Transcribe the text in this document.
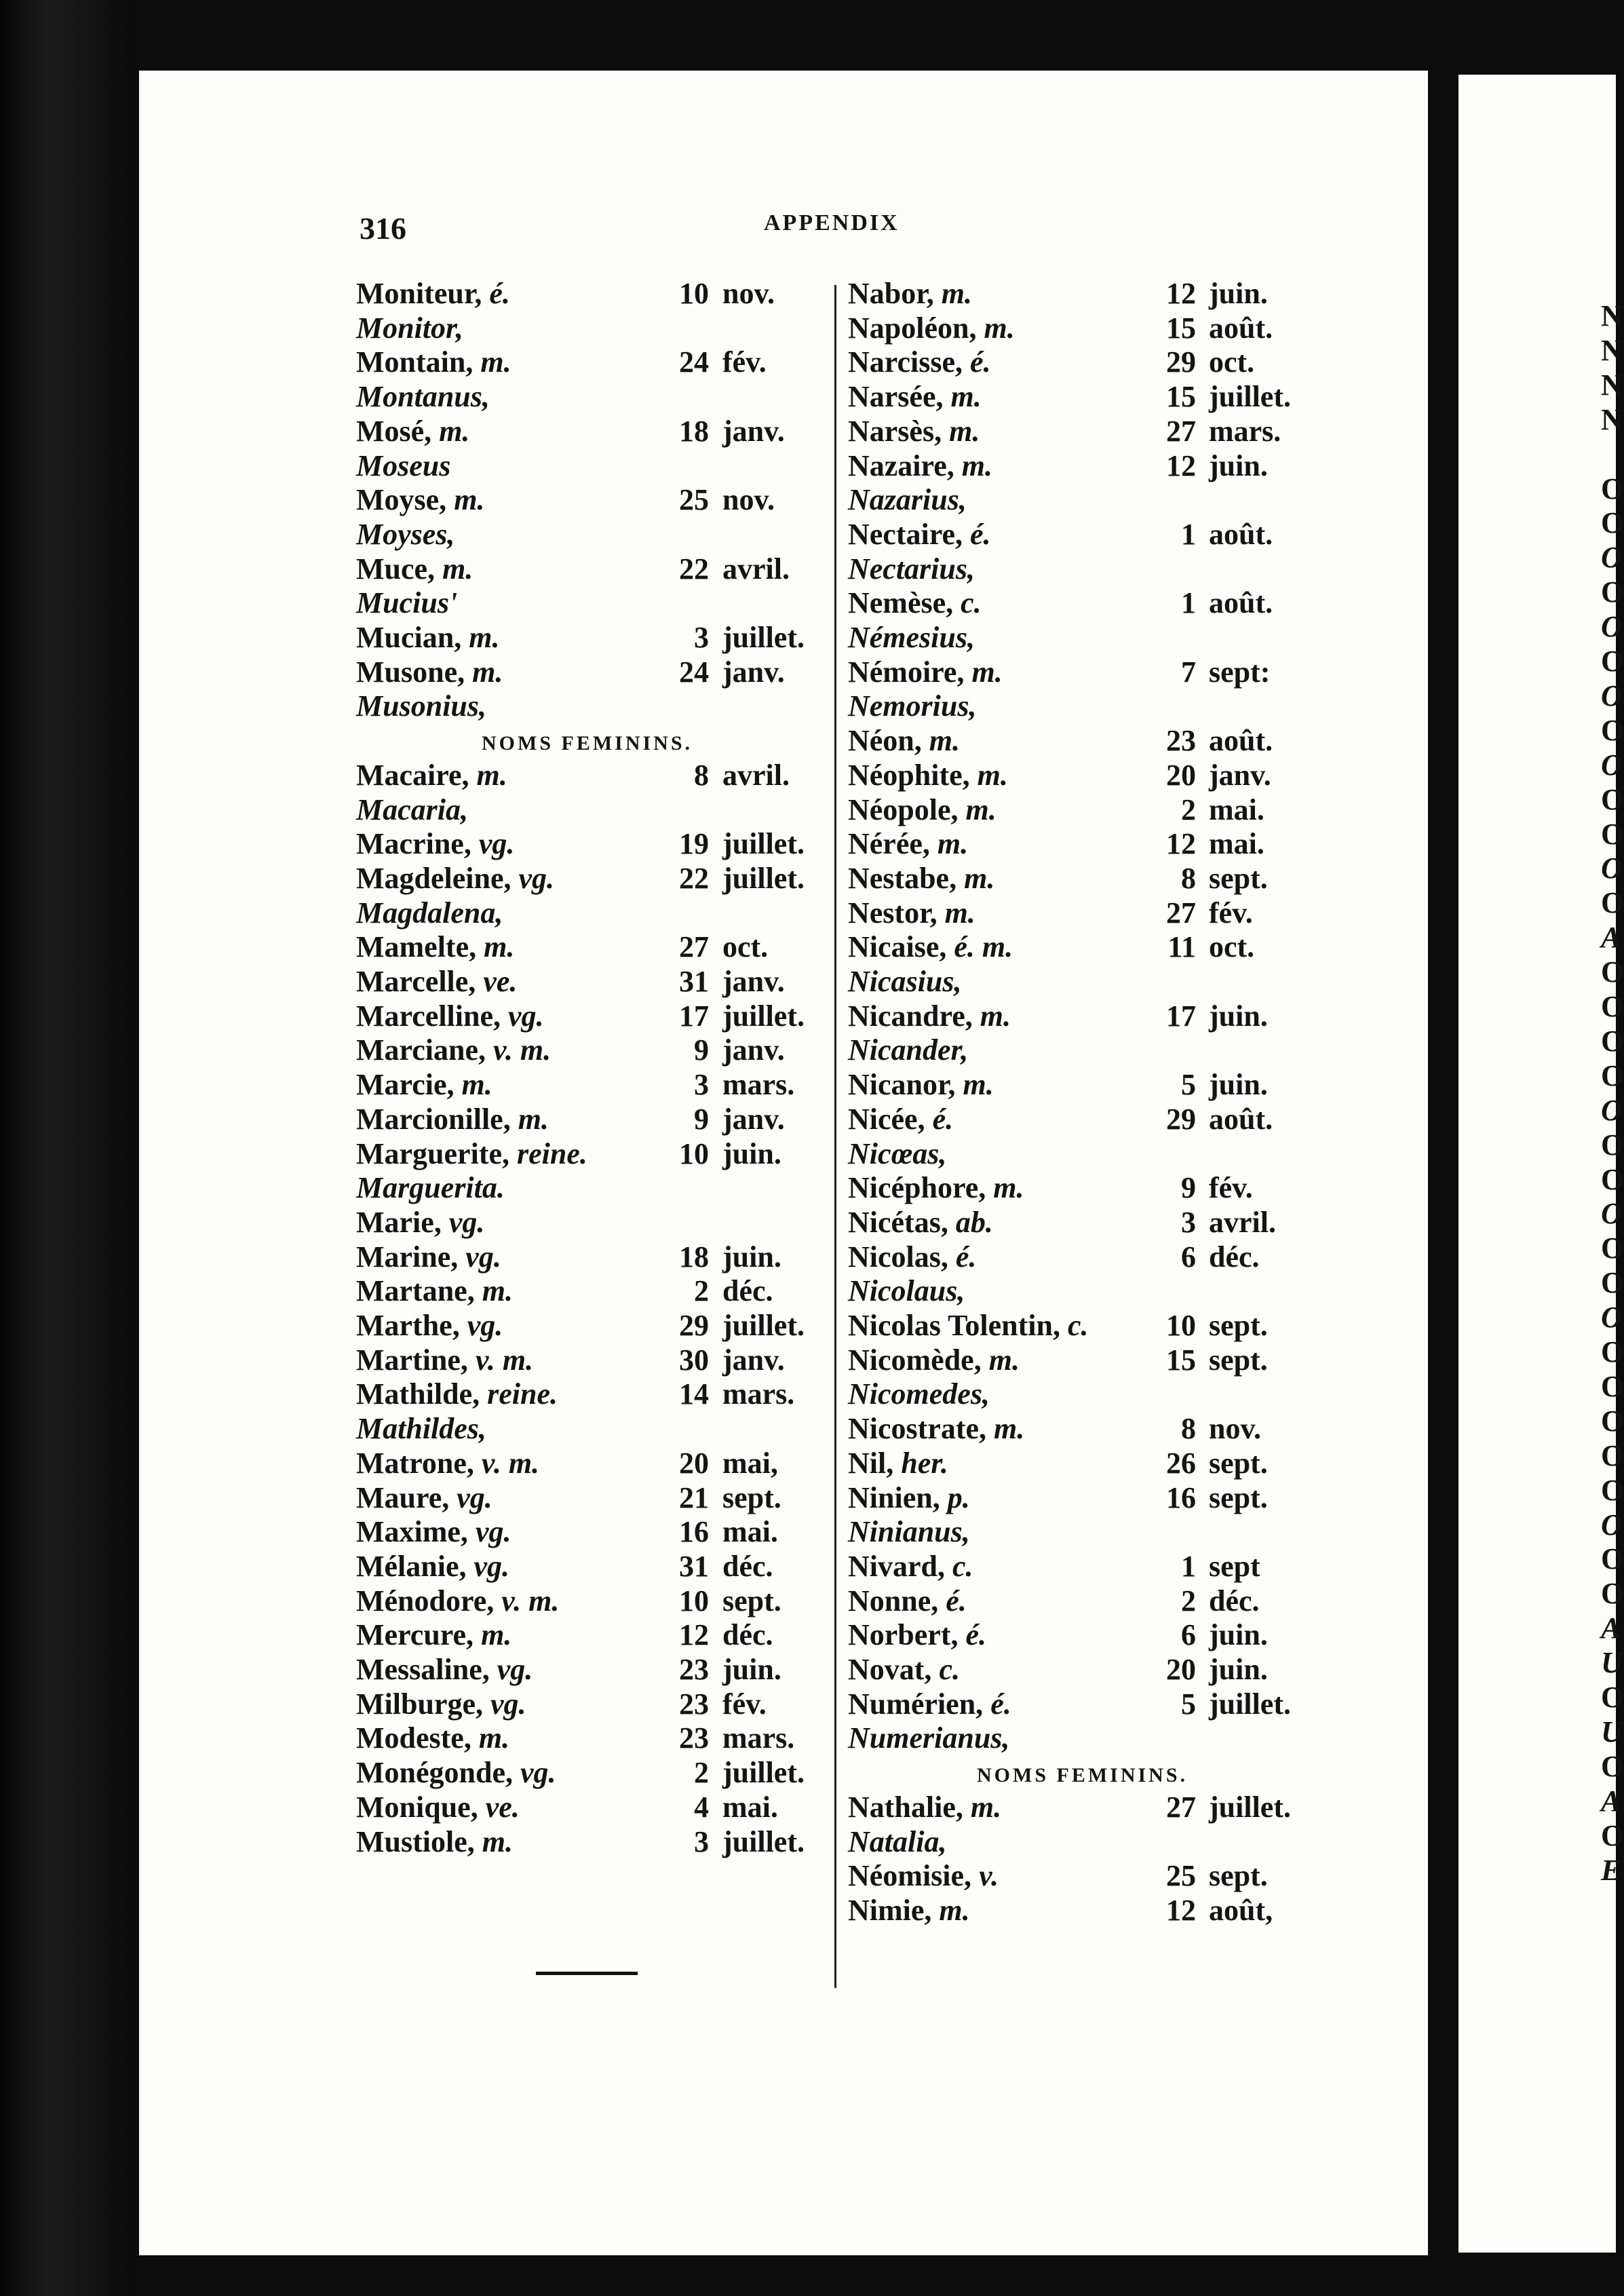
N
N
N
N
O
O
O
O
O
O
O
O
O
O
O
O
O
A
O
O
O
O
O
O
O
O
O
O
O
O
O
O
O
O
O
O
O
A
U
O
U
O
A
O
E
316	APPENDIX
Moniteur, é.	10 nov.
Monitor,
Montain, m.	24 fév.
Montanus,
Mosé, m.	18 janv.
Moseus
Moyse, m.	25 nov.
Moyses,
Muce, m.	22 avril.
Mucius'
Mucian, m.	3 juillet.
Musone, m.	24 janv.
Musonius,
NOMS FEMININS.
Macaire, m.	8 avril.
Macaria,
Macrine, vg.	19 juillet.
Magdeleine, vg.	22 juillet.
Magdalena,
Mamelte, m.	27 oct.
Marcelle, ve.	31 janv.
Marcelline, vg.	17 juillet.
Marciane, v. m.	9 janv.
Marcie, m.	3 mars.
Marcionille, m.	9 janv.
Marguerite, reine.	10 juin.
Marguerita.
Marie, vg.
Marine, vg.	18 juin.
Martane, m.	2 déc.
Marthe, vg.	29 juillet.
Martine, v. m.	30 janv.
Mathilde, reine.	14 mars.
Mathildes,
Matrone, v. m.	20 mai,
Maure, vg.	21 sept.
Maxime, vg.	16 mai.
Mélanie, vg.	31 déc.
Ménodore, v. m.	10 sept.
Mercure, m.	12 déc.
Messaline, vg.	23 juin.
Milburge, vg.	23 fév.
Modeste, m.	23 mars.
Monégonde, vg.	2 juillet.
Monique, ve.	4 mai.
Mustiole, m.	3 juillet.
Nabor, m.	12 juin.
Napoléon, m.	15 août.
Narcisse, é.	29 oct.
Narsée, m.	15 juillet.
Narsès, m.	27 mars.
Nazaire, m.	12 juin.
Nazarius,
Nectaire, é.	1 août.
Nectarius,
Nemèse, c.	1 août.
Némesius,
Némoire, m.	7 sept:
Nemorius,
Néon, m.	23 août.
Néophite, m.	20 janv.
Néopole, m.	2 mai.
Nérée, m.	12 mai.
Nestabe, m.	8 sept.
Nestor, m.	27 fév.
Nicaise, é. m.	11 oct.
Nicasius,
Nicandre, m.	17 juin.
Nicander,
Nicanor, m.	5 juin.
Nicée, é.	29 août.
Nicœas,
Nicéphore, m.	9 fév.
Nicétas, ab.	3 avril.
Nicolas, é.	6 déc.
Nicolaus,
Nicolas Tolentin, c.	10 sept.
Nicomède, m.	15 sept.
Nicomedes,
Nicostrate, m.	8 nov.
Nil, her.	26 sept.
Ninien, p.	16 sept.
Ninianus,
Nivard, c.	1 sept
Nonne, é.	2 déc.
Norbert, é.	6 juin.
Novat, c.	20 juin.
Numérien, é.	5 juillet.
Numerianus,
NOMS FEMININS.
Nathalie, m.	27 juillet.
Natalia,
Néomisie, v.	25 sept.
Nimie, m.	12 août,
